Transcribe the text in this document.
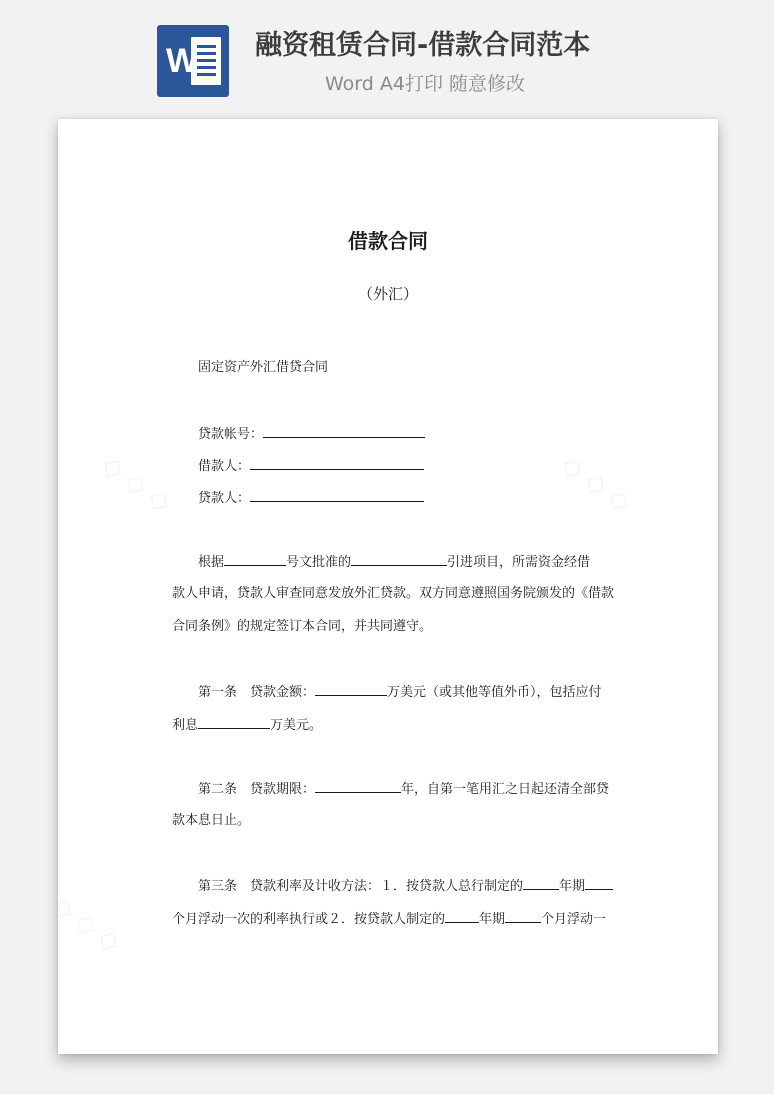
W 融资租赁合同-借款合同范本
Word A4打印 随意修改
借款合同
（外汇）
固定资产外汇借贷合同
贷款帐号：
借款人：
贷款人：
根据	号文批准的	引进项目，所需资金经借
款人申请，贷款人审查同意发放外汇贷款。双方同意遵照国务院颁发的《借款
合同条例》的规定签订本合同，并共同遵守。
第一条　贷款金额：	万美元（或其他等值外币），包括应付
利息	万美元。
第二条　贷款期限：	年，自第一笔用汇之日起还清全部贷
款本息日止。
第三条　贷款利率及计收方法：１．按贷款人总行制定的	年期
个月浮动一次的利率执行或２．按贷款人制定的	年期	个月浮动一
